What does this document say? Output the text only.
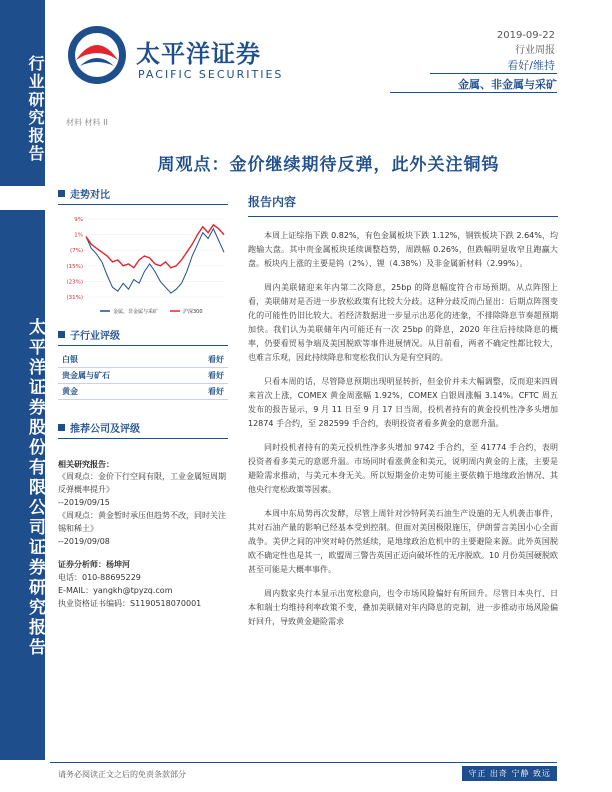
行业研究报告
太平洋证券股份有限公司证券研究报告
太平洋证券
PACIFIC SECURITIES
2019-09-22
行业周报
看好/维持
金属、非金属与采矿
材料 材料 II
周观点：金价继续期待反弹，此外关注铜钨
走势对比
9%
1%
(7%)
(15%)
(23%)
(31%)
金属、非金属与采矿	沪深300
子行业评级
白银	看好
贵金属与矿石	看好
黄金	看好
推荐公司及评级
相关研究报告：
《周观点：金价下行空间有限，工业金属短周期反弹概率提升》
--2019/09/15
《周观点：黄金暂时承压但趋势不改，同时关注锡和稀土》
--2019/09/08
证券分析师：杨坤河
电话：010-88695229
E-MAIL：yangkh@tpyzq.com
执业资格证书编码：S1190518070001
报告内容

本周上证综指下跌 0.82%，有色金属板块下跌 1.12%，钢铁板块下跌 2.64%，均跑输大盘。其中贵金属板块延续调整趋势，周跌幅 0.26%，但跌幅明显收窄且跑赢大盘。板块内上涨的主要是钨（2%）、锂（4.38%）及非金属新材料（2.99%）。

周内美联储迎来年内第二次降息，25bp 的降息幅度符合市场预期。从点阵图上看，美联储对是否进一步放松政策有比较大分歧。这种分歧反而凸显出：后期点阵图变化的可能性仍旧比较大。若经济数据进一步显示出恶化的迹象，不排除降息节奏超预期加快。我们认为美联储年内可能还有一次 25bp 的降息，2020 年往后持续降息的概率，仍要看贸易争端及美国脱欧等事件进展情况。从目前看，两者不确定性都比较大，也难言乐观，因此持续降息和宽松我们认为是有空间的。

只看本周的话，尽管降息预期出现明显转折，但金价并未大幅调整，反而迎来四周来首次上涨，COMEX 黄金周涨幅 1.92%，COMEX 白银周涨幅 3.14%。CFTC 周五发布的报告显示，9 月 11 日至 9 月 17 日当周，投机者持有的黄金投机性净多头增加 12874 手合约，至 282599 手合约，表明投资者看多黄金的意愿升温。

同时投机者持有的美元投机性净多头增加 9742 手合约，至 41774 手合约，表明投资者看多美元的意愿升温。市场同时看涨黄金和美元，说明周内黄金的上涨，主要是避险需求推动，与美元本身无关。所以短期金价走势可能主要依赖于地缘政治情况、其他央行宽松政策等因素。

本周中东局势再次发酵，尽管上周针对沙特阿美石油生产设施的无人机袭击事件，其对石油产量的影响已经基本受到控制。但面对美国极限施压，伊朗誓言美国小心全面战争。美伊之间的冲突对峙仍然延续，是地缘政治危机中的主要避险来源。此外英国脱欧不确定性也是其一，欧盟周三警告英国正迈向破坏性的无序脱欧。10 月份英国硬脱欧甚至可能是大概率事件。

周内数家央行本显示出宽松意向，也令市场风险偏好有所回升。尽管日本央行、日本和瑞士均维持利率政策不变，叠加美联储对年内降息的克制，进一步推动市场风险偏好回升，导致黄金避险需求

请务必阅读正文之后的免责条款部分	守正 出奇 宁静 致远
